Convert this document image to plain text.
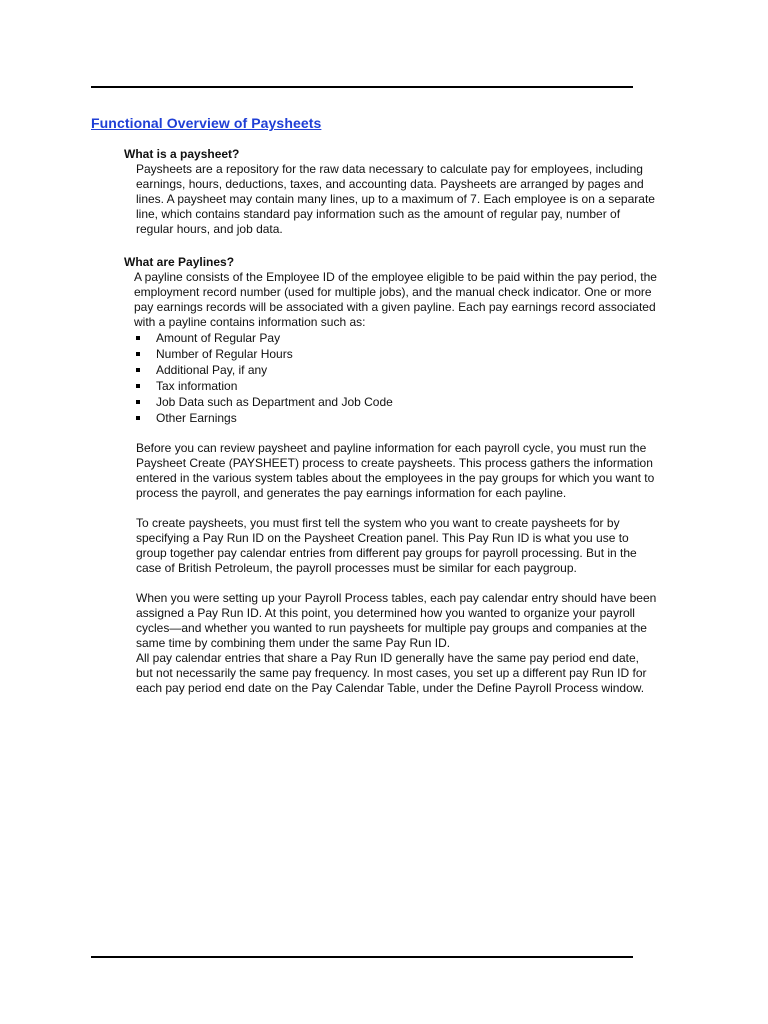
Functional Overview of Paysheets
What is a paysheet?

Paysheets are a repository for the raw data necessary to calculate pay for employees, including earnings, hours, deductions, taxes, and accounting data. Paysheets are arranged by pages and lines. A paysheet may contain many lines, up to a maximum of 7. Each employee is on a separate line, which contains standard pay information such as the amount of regular pay, number of regular hours, and job data.

What are Paylines?

A payline consists of the Employee ID of the employee eligible to be paid within the pay period, the employment record number (used for multiple jobs), and the manual check indicator. One or more pay earnings records will be associated with a given payline. Each pay earnings record associated with a payline contains information such as:

Amount of Regular Pay
Number of Regular Hours
Additional Pay, if any
Tax information
Job Data such as Department and Job Code
Other Earnings

Before you can review paysheet and payline information for each payroll cycle, you must run the Paysheet Create (PAYSHEET) process to create paysheets. This process gathers the information entered in the various system tables about the employees in the pay groups for which you want to process the payroll, and generates the pay earnings information for each payline.

To create paysheets, you must first tell the system who you want to create paysheets for by specifying a Pay Run ID on the Paysheet Creation panel. This Pay Run ID is what you use to group together pay calendar entries from different pay groups for payroll processing. But in the case of British Petroleum, the payroll processes must be similar for each paygroup.

When you were setting up your Payroll Process tables, each pay calendar entry should have been assigned a Pay Run ID. At this point, you determined how you wanted to organize your payroll cycles—and whether you wanted to run paysheets for multiple pay groups and companies at the same time by combining them under the same Pay Run ID.

All pay calendar entries that share a Pay Run ID generally have the same pay period end date, but not necessarily the same pay frequency. In most cases, you set up a different pay Run ID for each pay period end date on the Pay Calendar Table, under the Define Payroll Process window.
